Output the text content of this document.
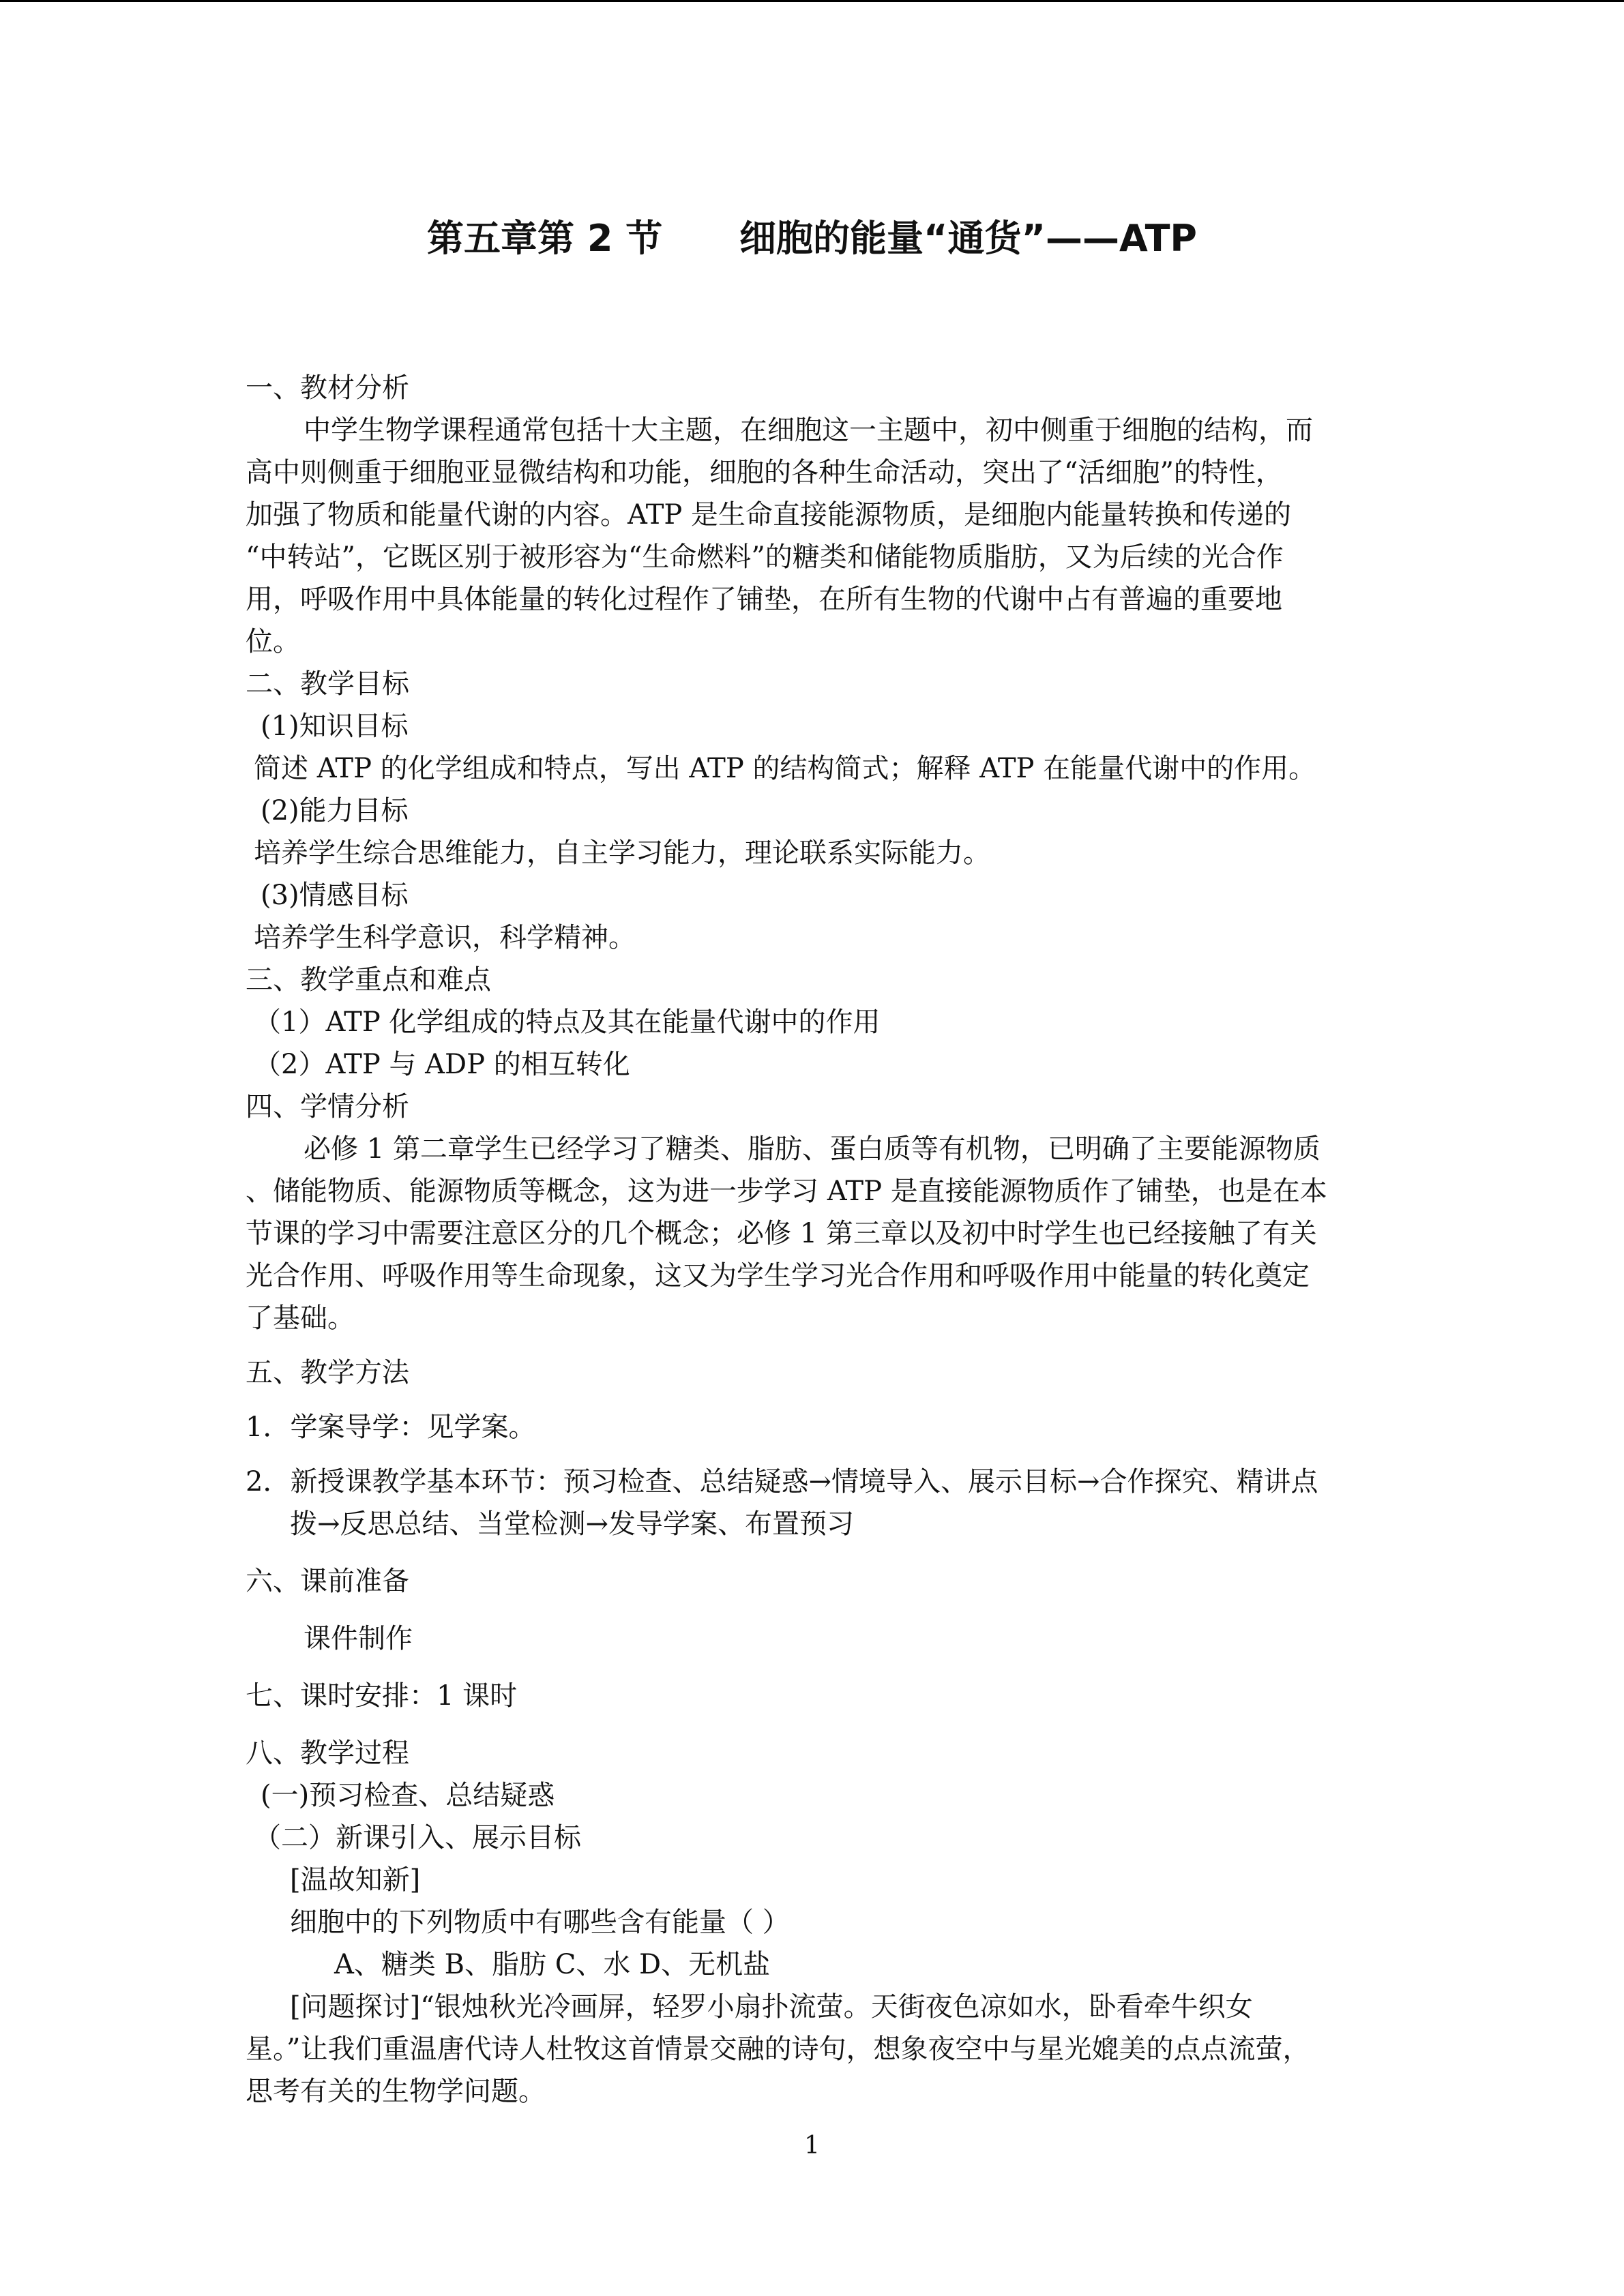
第五章第 2 节      细胞的能量“通货”——ATP
一、教材分析
中学生物学课程通常包括十大主题，在细胞这一主题中，初中侧重于细胞的结构，而
高中则侧重于细胞亚显微结构和功能，细胞的各种生命活动，突出了“活细胞”的特性，
加强了物质和能量代谢的内容。ATP 是生命直接能源物质，是细胞内能量转换和传递的
“中转站”，它既区别于被形容为“生命燃料”的糖类和储能物质脂肪，又为后续的光合作
用，呼吸作用中具体能量的转化过程作了铺垫，在所有生物的代谢中占有普遍的重要地
位。
二、教学目标
(1)知识目标
简述 ATP 的化学组成和特点，写出 ATP 的结构简式；解释 ATP 在能量代谢中的作用。
(2)能力目标
培养学生综合思维能力，自主学习能力，理论联系实际能力。
(3)情感目标
培养学生科学意识，科学精神。
三、教学重点和难点
（1）ATP 化学组成的特点及其在能量代谢中的作用
（2）ATP 与 ADP 的相互转化
四、学情分析
必修 1 第二章学生已经学习了糖类、脂肪、蛋白质等有机物，已明确了主要能源物质
、储能物质、能源物质等概念，这为进一步学习 ATP 是直接能源物质作了铺垫，也是在本
节课的学习中需要注意区分的几个概念；必修 1 第三章以及初中时学生也已经接触了有关
光合作用、呼吸作用等生命现象，这又为学生学习光合作用和呼吸作用中能量的转化奠定
了基础。
五、教学方法
1．学案导学：见学案。
2．新授课教学基本环节：预习检查、总结疑惑→情境导入、展示目标→合作探究、精讲点
拨→反思总结、当堂检测→发导学案、布置预习
六、课前准备
课件制作
七、课时安排：1 课时
八、教学过程
(一)预习检查、总结疑惑
（二）新课引入、展示目标
[温故知新]
细胞中的下列物质中有哪些含有能量（ ）
A、糖类 B、脂肪 C、水 D、无机盐
[问题探讨]“银烛秋光冷画屏，轻罗小扇扑流萤。天街夜色凉如水，卧看牵牛织女
星。”让我们重温唐代诗人杜牧这首情景交融的诗句，想象夜空中与星光媲美的点点流萤，
思考有关的生物学问题。
1
